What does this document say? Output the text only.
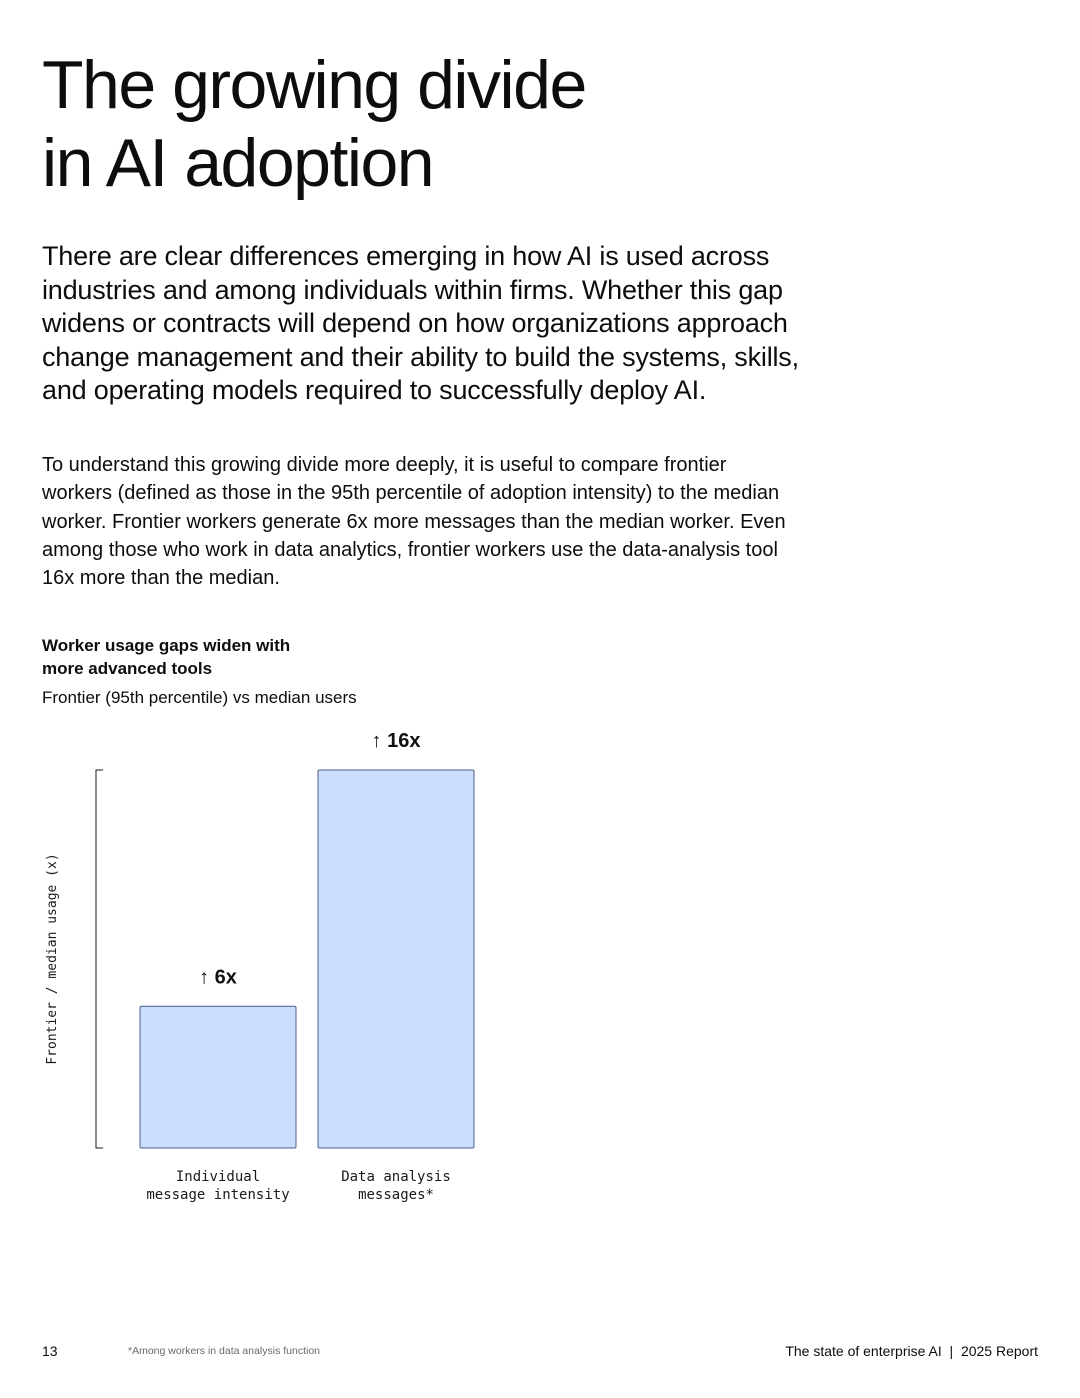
The growing divide
in AI adoption
There are clear differences emerging in how AI is used across
industries and among individuals within firms. Whether this gap
widens or contracts will depend on how organizations approach
change management and their ability to build the systems, skills,
and operating models required to successfully deploy AI.
To understand this growing divide more deeply, it is useful to compare frontier
workers (defined as those in the 95th percentile of adoption intensity) to the median
worker. Frontier workers generate 6x more messages than the median worker. Even
among those who work in data analytics, frontier workers use the data-analysis tool
16x more than the median.
Worker usage gaps widen with
more advanced tools
Frontier (95th percentile) vs median users
Frontier / median usage (x)	↑ 6x
Individual message intensity
↑ 16x
Data analysis messages*
13	*Among workers in data analysis function	The state of enterprise AI  |  2025 Report
